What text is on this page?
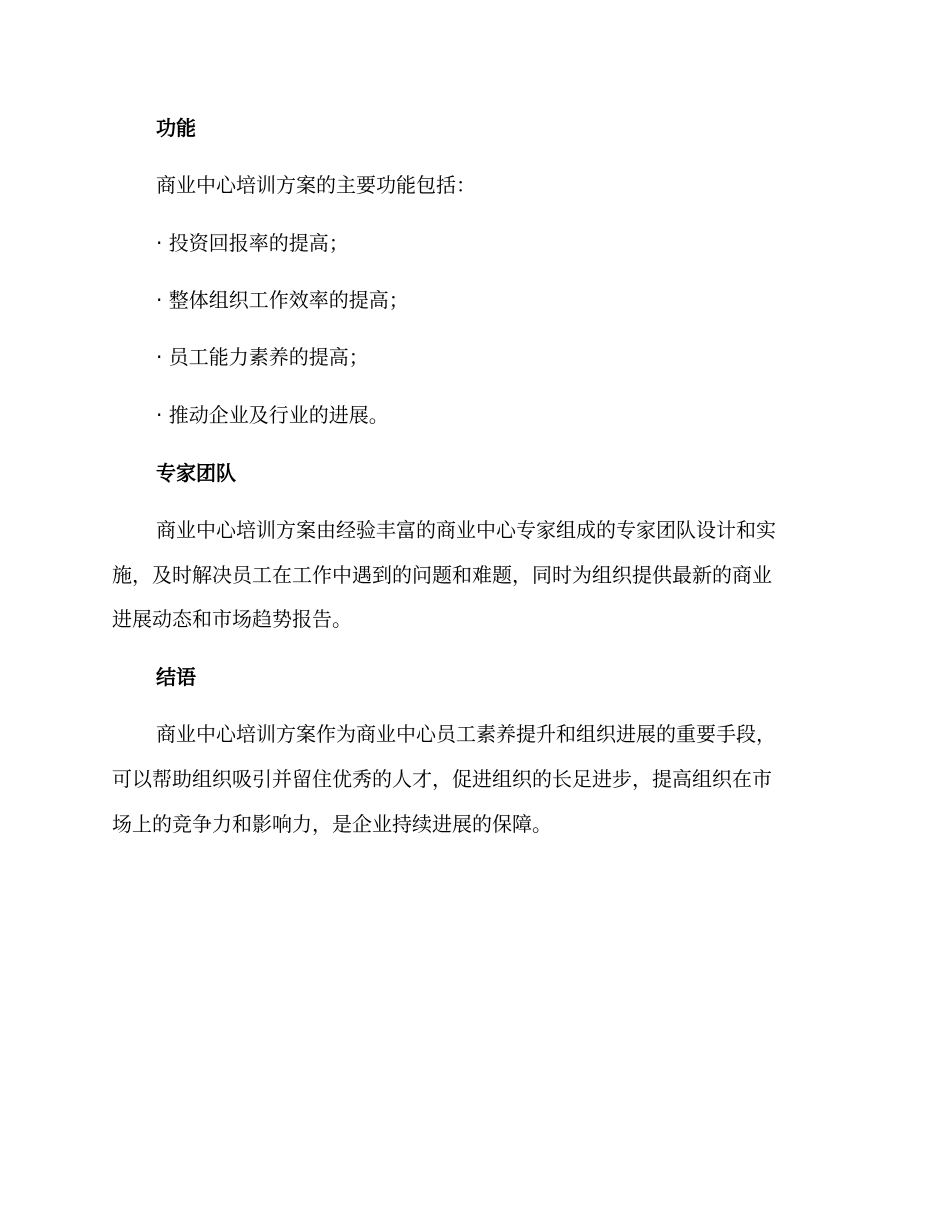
功能
商业中心培训方案的主要功能包括：
· 投资回报率的提高；
· 整体组织工作效率的提高；
· 员工能力素养的提高；
· 推动企业及行业的进展。
专家团队
商业中心培训方案由经验丰富的商业中心专家组成的专家团队设计和实
施，及时解决员工在工作中遇到的问题和难题，同时为组织提供最新的商业
进展动态和市场趋势报告。
结语
商业中心培训方案作为商业中心员工素养提升和组织进展的重要手段，
可以帮助组织吸引并留住优秀的人才，促进组织的长足进步，提高组织在市
场上的竞争力和影响力，是企业持续进展的保障。
